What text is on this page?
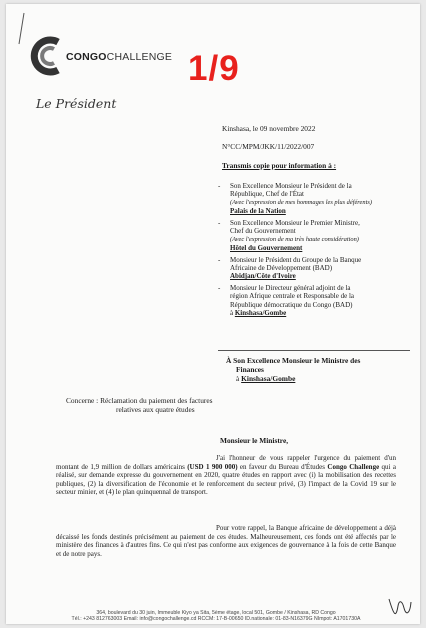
CONGOCHALLENGE 1/9
Le Président
Kinshasa, le 09 novembre 2022
N°CC/MPM/JKK/11/2022/007
Transmis copie pour information à :
- Son Excellence Monsieur le Président de la
République, Chef de l'État
(Avec l'expression de mes hommages les plus déférents)
Palais de la Nation
- Son Excellence Monsieur le Premier Ministre,
Chef du Gouvernement
(Avec l'expression de ma très haute considération)
Hôtel du Gouvernement
- Monsieur le Président du Groupe de la Banque
Africaine de Développement (BAD)
Abidjan/Côte d'Ivoire
- Monsieur le Directeur général adjoint de la
région Afrique centrale et Responsable de la
République démocratique du Congo (BAD)
à Kinshasa/Gombe
À Son Excellence Monsieur le Ministre des
Finances
à Kinshasa/Gombe
Concerne : Réclamation du paiement des factures
relatives aux quatre études
Monsieur le Ministre,
J'ai l'honneur de vous rappeler l'urgence du paiement d'un montant de 1,9 million de dollars américains (USD 1 900 000) en faveur du Bureau d'Études Congo Challenge qui a réalisé, sur demande expresse du gouvernement en 2020, quatre études en rapport avec (i) la mobilisation des recettes publiques, (2) la diversification de l'économie et le renforcement du secteur privé, (3) l'impact de la Covid 19 sur le secteur minier, et (4) le plan quinquennal de transport.
Pour votre rappel, la Banque africaine de développement a déjà décaissé les fonds destinés précisément au paiement de ces études. Malheureusement, ces fonds ont été affectés par le ministère des finances à d'autres fins. Ce qui n'est pas conforme aux exigences de gouvernance à la fois de cette Banque et de notre pays.
364, boulevard du 30 juin, Immeuble Kiyo ya Sita, 5ème étage, local 501, Gombe / Kinshasa, RD Congo
Tél.: +243 812763003 Email: info@congochallenge.cd RCCM: 17-B-00650 ID.nationale: 01-83-N16379G NImpot: A1701730A
